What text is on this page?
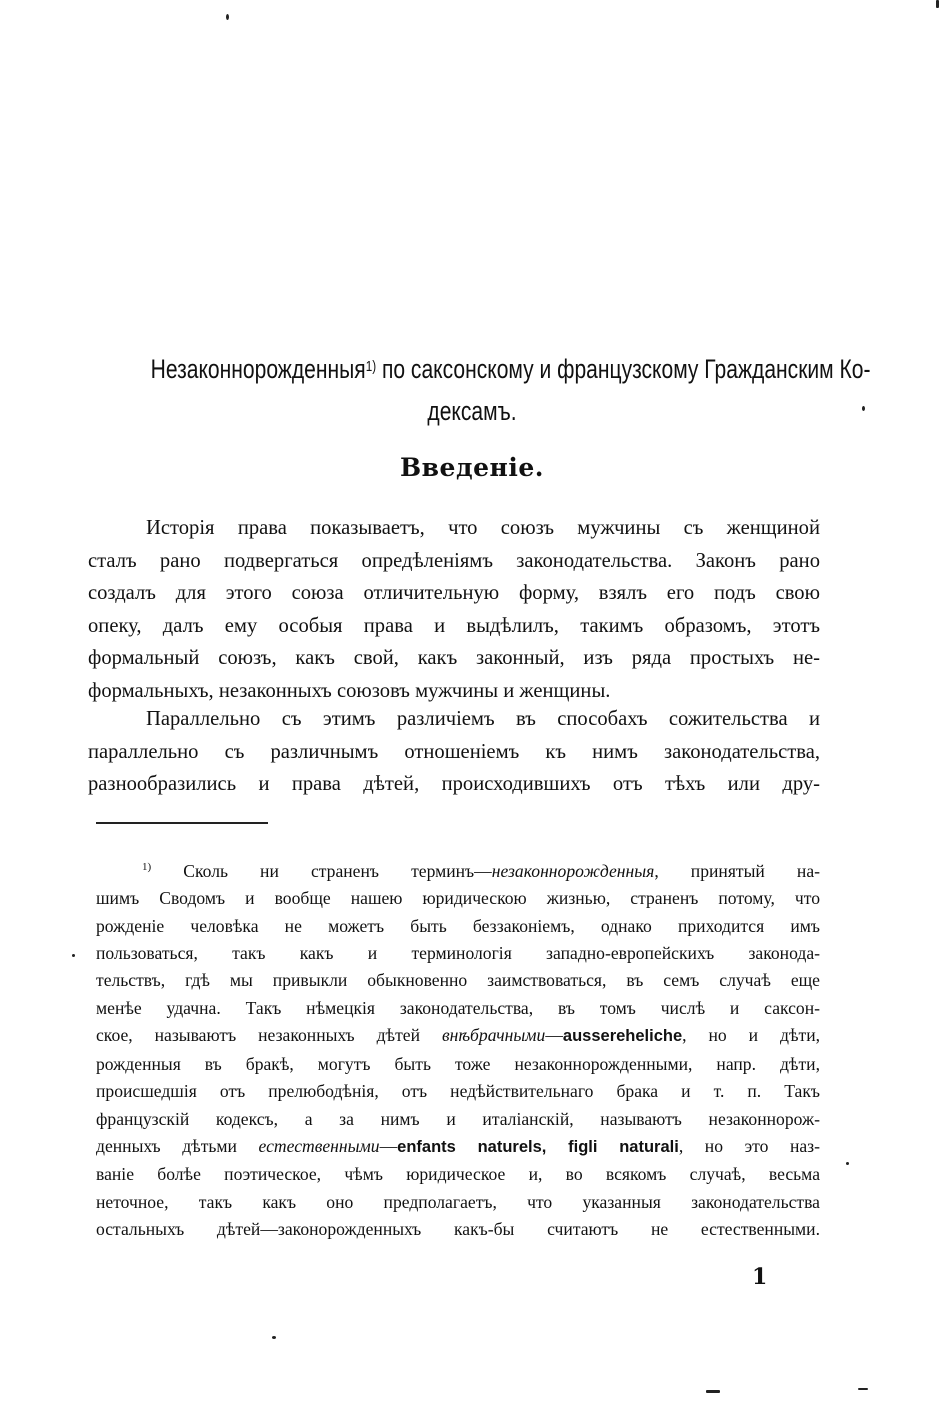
Незаконнорожденныя$^{1)}$ по саксонскому и французскому Гражданским Ко-
дексамъ.
Введеніе.
Исторія права показываетъ, что союзъ мужчины съ женщиной
сталъ рано подвергаться опредѣленіямъ законодательства. Законъ рано
создалъ для этого союза отличительную форму, взялъ его подъ свою
опеку, далъ ему особыя права и выдѣлилъ, такимъ образомъ, этотъ
формальный союзъ, какъ свой, какъ законный, изъ ряда простыхъ не-
формальныхъ, незаконныхъ союзовъ мужчины и женщины.
Параллельно съ этимъ различіемъ въ способахъ сожительства и
параллельно съ различнымъ отношеніемъ къ нимъ законодательства,
разнообразились и права дѣтей, происходившихъ отъ тѣхъ или дру-
$^{1)}$ Сколь ни страненъ терминъ—незаконнорожденныя, принятый на-
шимъ Сводомъ и вообще нашею юридическою жизнью, страненъ потому, что
рожденіе человѣка не можетъ быть беззаконіемъ, однако приходится имъ
пользоваться, такъ какъ и терминологія западно-европейскихъ законода-
тельствъ, гдѣ мы привыкли обыкновенно заимствоваться, въ семъ случаѣ еще
менѣе удачна. Такъ нѣмецкія законодательства, въ томъ числѣ и саксон-
ское, называютъ незаконныхъ дѣтей внѣбрачными—aussereheliche, но и дѣти,
рожденныя въ бракѣ, могутъ быть тоже незаконнорожденными, напр. дѣти,
происшедшія отъ прелюбодѣнія, отъ недѣйствительнаго брака и т. п. Такъ
французскій кодексъ, а за нимъ и италіанскій, называютъ незаконнорож-
денныхъ дѣтьми естественными—enfants naturels, figli naturali, но это наз-
ваніе болѣе поэтическое, чѣмъ юридическое и, во всякомъ случаѣ, весьма
неточное, такъ какъ оно предполагаетъ, что указанныя законодательства
остальныхъ дѣтей—законорожденныхъ какъ-бы считаютъ не естественными.
1
